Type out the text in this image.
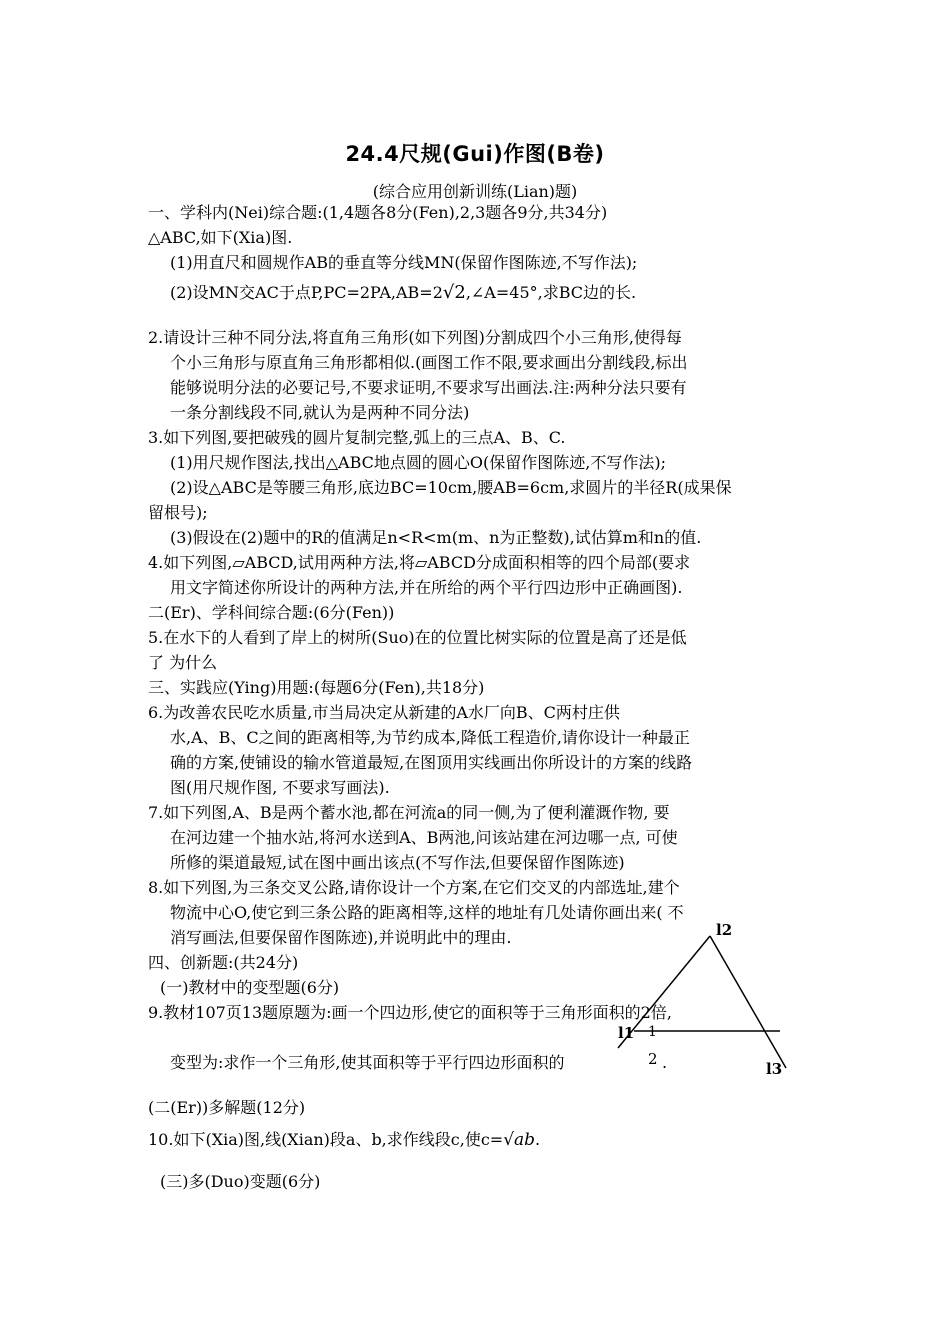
24.4尺规(Gui)作图(B卷)
(综合应用创新训练(Lian)题)
一、学科内(Nei)综合题:(1,4题各8分(Fen),2,3题各9分,共34分)
△ABC,如下(Xia)图.
(1)用直尺和圆规作AB的垂直等分线MN(保留作图陈迹,不写作法);
(2)设MN交AC于点P,PC=2PA,AB=2√2,∠A=45°,求BC边的长.
2.请设计三种不同分法,将直角三角形(如下列图)分割成四个小三角形,使得每
个小三角形与原直角三角形都相似.(画图工作不限,要求画出分割线段,标出
能够说明分法的必要记号,不要求证明,不要求写出画法.注:两种分法只要有
一条分割线段不同,就认为是两种不同分法)
3.如下列图,要把破残的圆片复制完整,弧上的三点A、B、C.
(1)用尺规作图法,找出△ABC地点圆的圆心O(保留作图陈迹,不写作法);
(2)设△ABC是等腰三角形,底边BC=10cm,腰AB=6cm,求圆片的半径R(成果保
留根号);
(3)假设在(2)题中的R的值满足n<R<m(m、n为正整数),试估算m和n的值.
4.如下列图,▱ABCD,试用两种方法,将▱ABCD分成面积相等的四个局部(要求
用文字简述你所设计的两种方法,并在所给的两个平行四边形中正确画图).
二(Er)、学科间综合题:(6分(Fen))
5.在水下的人看到了岸上的树所(Suo)在的位置比树实际的位置是高了还是低
了 为什么
三、实践应(Ying)用题:(每题6分(Fen),共18分)
6.为改善农民吃水质量,市当局决定从新建的A水厂向B、C两村庄供
水,A、B、C之间的距离相等,为节约成本,降低工程造价,请你设计一种最正
确的方案,使铺设的输水管道最短,在图顶用实线画出你所设计的方案的线路
图(用尺规作图, 不要求写画法).
7.如下列图,A、B是两个蓄水池,都在河流a的同一侧,为了便利灌溉作物, 要
在河边建一个抽水站,将河水送到A、B两池,问该站建在河边哪一点, 可使
所修的渠道最短,试在图中画出该点(不写作法,但要保留作图陈迹)
8.如下列图,为三条交叉公路,请你设计一个方案,在它们交叉的内部选址,建个
物流中心O,使它到三条公路的距离相等,这样的地址有几处请你画出来( 不
消写画法,但要保留作图陈迹),并说明此中的理由.
四、创新题:(共24分)
(一)教材中的变型题(6分)
9.教材107页13题原题为:画一个四边形,使它的面积等于三角形面积的2倍,
变型为:求作一个三角形,使其面积等于平行四边形面积的
1
2 .
l2
l1
l3
(二(Er))多解题(12分)
10.如下(Xia)图,线(Xian)段a、b,求作线段c,使c=√ab.
(三)多(Duo)变题(6分)
